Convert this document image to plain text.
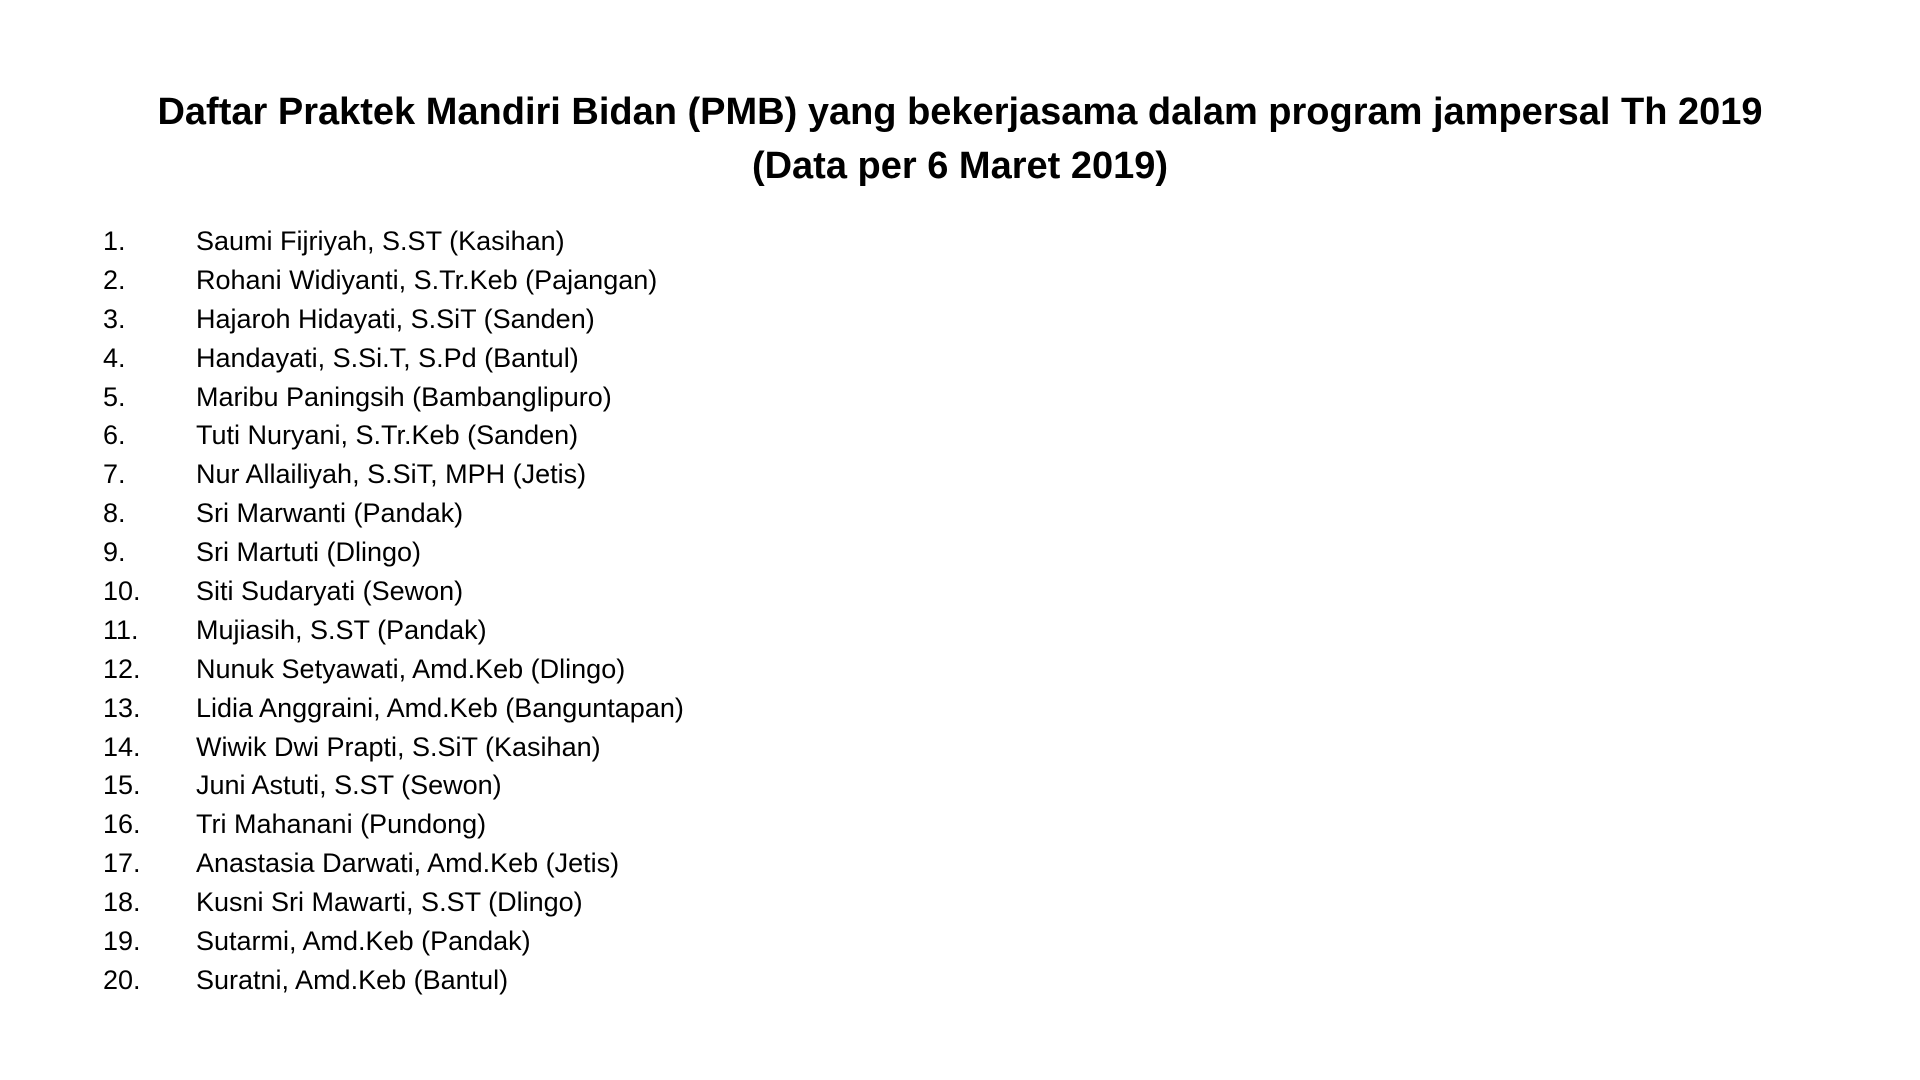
Daftar Praktek Mandiri Bidan (PMB) yang bekerjasama dalam program jampersal Th 2019
(Data per 6 Maret 2019)
1.	Saumi Fijriyah, S.ST (Kasihan)
2.	Rohani Widiyanti, S.Tr.Keb (Pajangan)
3.	Hajaroh Hidayati, S.SiT (Sanden)
4.	Handayati, S.Si.T, S.Pd (Bantul)
5.	Maribu Paningsih (Bambanglipuro)
6.	Tuti Nuryani, S.Tr.Keb (Sanden)
7.	Nur Allailiyah, S.SiT, MPH (Jetis)
8.	Sri Marwanti (Pandak)
9.	Sri Martuti (Dlingo)
10.	Siti Sudaryati (Sewon)
11.	Mujiasih, S.ST (Pandak)
12.	Nunuk Setyawati, Amd.Keb (Dlingo)
13.	Lidia Anggraini, Amd.Keb (Banguntapan)
14.	Wiwik Dwi Prapti, S.SiT (Kasihan)
15.	Juni Astuti, S.ST (Sewon)
16.	Tri Mahanani (Pundong)
17.	Anastasia Darwati, Amd.Keb (Jetis)
18.	Kusni Sri Mawarti, S.ST (Dlingo)
19.	Sutarmi, Amd.Keb (Pandak)
20.	Suratni, Amd.Keb (Bantul)
